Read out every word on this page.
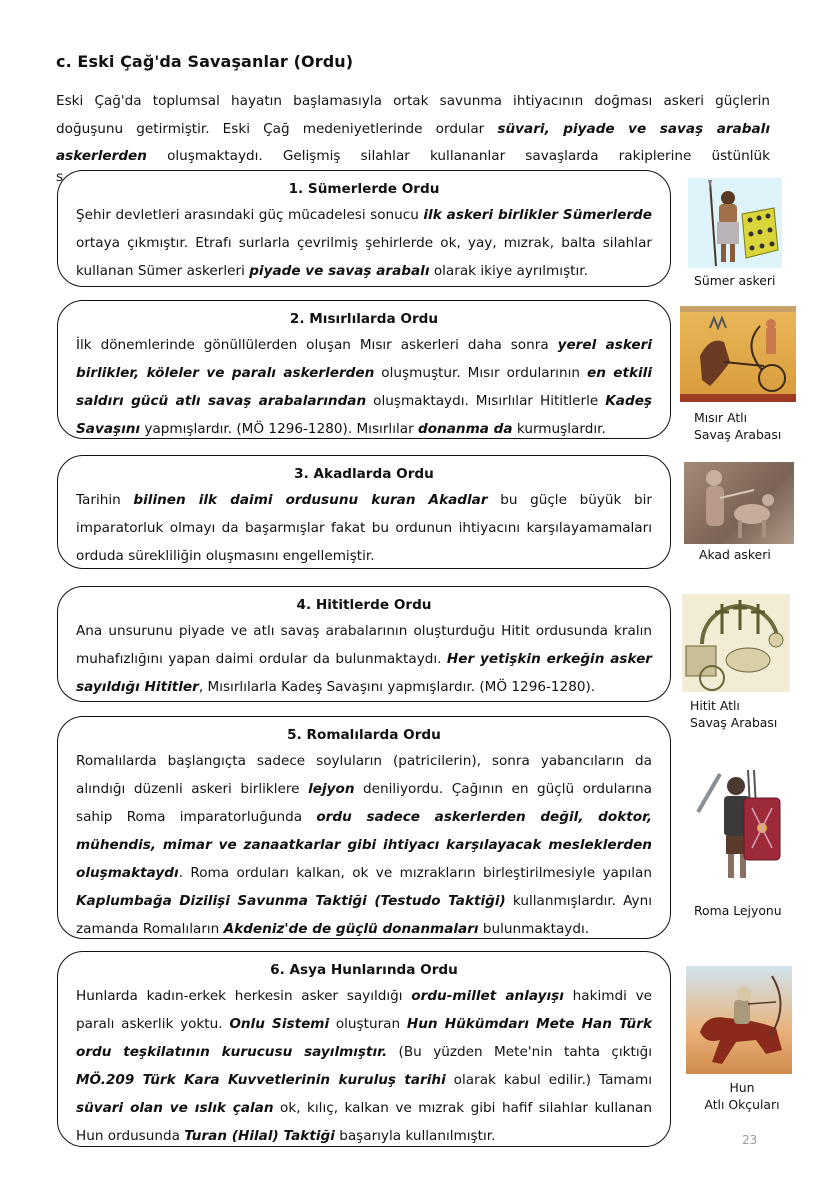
c. Eski Çağ'da Savaşanlar (Ordu)
Eski Çağ'da toplumsal hayatın başlamasıyla ortak savunma ihtiyacının doğması askeri güçlerin doğuşunu getirmiştir. Eski Çağ medeniyetlerinde ordular süvari, piyade ve savaş arabalı askerlerden oluşmaktaydı. Gelişmiş silahlar kullananlar savaşlarda rakiplerine üstünlük
s
1. Sümerlerde Ordu

Şehir devletleri arasındaki güç mücadelesi sonucu ilk askeri birlikler Sümerlerde ortaya çıkmıştır. Etrafı surlarla çevrilmiş şehirlerde ok, yay, mızrak, balta silahlar kullanan Sümer askerleri piyade ve savaş arabalı olarak ikiye ayrılmıştır.

2. Mısırlılarda Ordu

İlk dönemlerinde gönüllülerden oluşan Mısır askerleri daha sonra yerel askeri birlikler, köleler ve paralı askerlerden oluşmuştur. Mısır ordularının en etkili saldırı gücü atlı savaş arabalarından oluşmaktaydı. Mısırlılar Hititlerle Kadeş Savaşını yapmışlardır. (MÖ 1296-1280). Mısırlılar donanma da kurmuşlardır.

3. Akadlarda Ordu

Tarihin bilinen ilk daimi ordusunu kuran Akadlar bu güçle büyük bir imparatorluk olmayı da başarmışlar fakat bu ordunun ihtiyacını karşılayamamaları orduda sürekliliğin oluşmasını engellemiştir.

4. Hititlerde Ordu

Ana unsurunu piyade ve atlı savaş arabalarının oluşturduğu Hitit ordusunda kralın muhafızlığını yapan daimi ordular da bulunmaktaydı. Her yetişkin erkeğin asker sayıldığı Hititler, Mısırlılarla Kadeş Savaşını yapmışlardır. (MÖ 1296-1280).

5. Romalılarda Ordu

Romalılarda başlangıçta sadece soyluların (patricilerin), sonra yabancıların da alındığı düzenli askeri birliklere lejyon deniliyordu. Çağının en güçlü ordularına sahip Roma imparatorluğunda ordu sadece askerlerden değil, doktor, mühendis, mimar ve zanaatkarlar gibi ihtiyacı karşılayacak mesleklerden oluşmaktaydı. Roma orduları kalkan, ok ve mızrakların birleştirilmesiyle yapılan Kaplumbağa Dizilişi Savunma Taktiği (Testudo Taktiği) kullanmışlardır. Aynı zamanda Romalıların Akdeniz'de de güçlü donanmaları bulunmaktaydı.

6. Asya Hunlarında Ordu

Hunlarda kadın-erkek herkesin asker sayıldığı ordu-millet anlayışı hakimdi ve paralı askerlik yoktu. Onlu Sistemi oluşturan Hun Hükümdarı Mete Han Türk ordu teşkilatının kurucusu sayılmıştır. (Bu yüzden Mete'nin tahta çıktığı MÖ.209 Türk Kara Kuvvetlerinin kuruluş tarihi olarak kabul edilir.) Tamamı süvari olan ve ıslık çalan ok, kılıç, kalkan ve mızrak gibi hafif silahlar kullanan Hun ordusunda Turan (Hilal) Taktiği başarıyla kullanılmıştır.

Sümer askeri
Mısır Atlı
Savaş Arabası
Akad askeri
Hitit Atlı
Savaş Arabası
Roma Lejyonu
Hun
Atlı Okçuları
23
